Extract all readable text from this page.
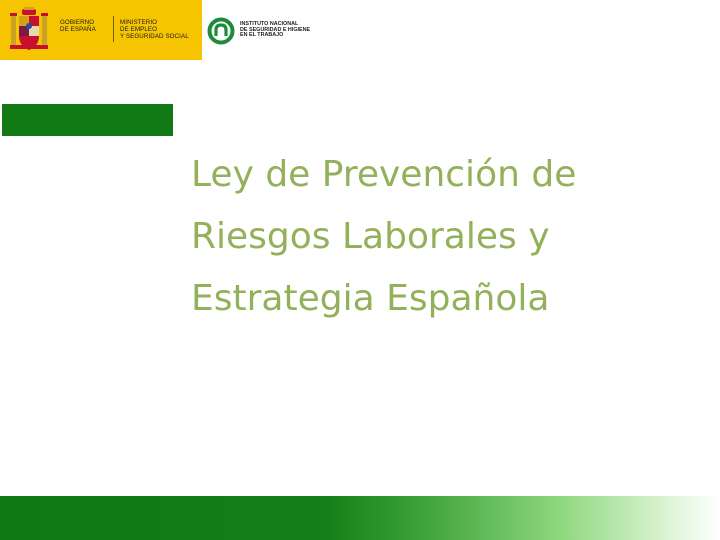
GOBIERNO
DE ESPAÑA
MINISTERIO
DE EMPLEO
Y SEGURIDAD SOCIAL
INSTITUTO NACIONAL
DE SEGURIDAD E HIGIENE
EN EL TRABAJO
Ley de Prevención de
Riesgos Laborales y
Estrategia Española
